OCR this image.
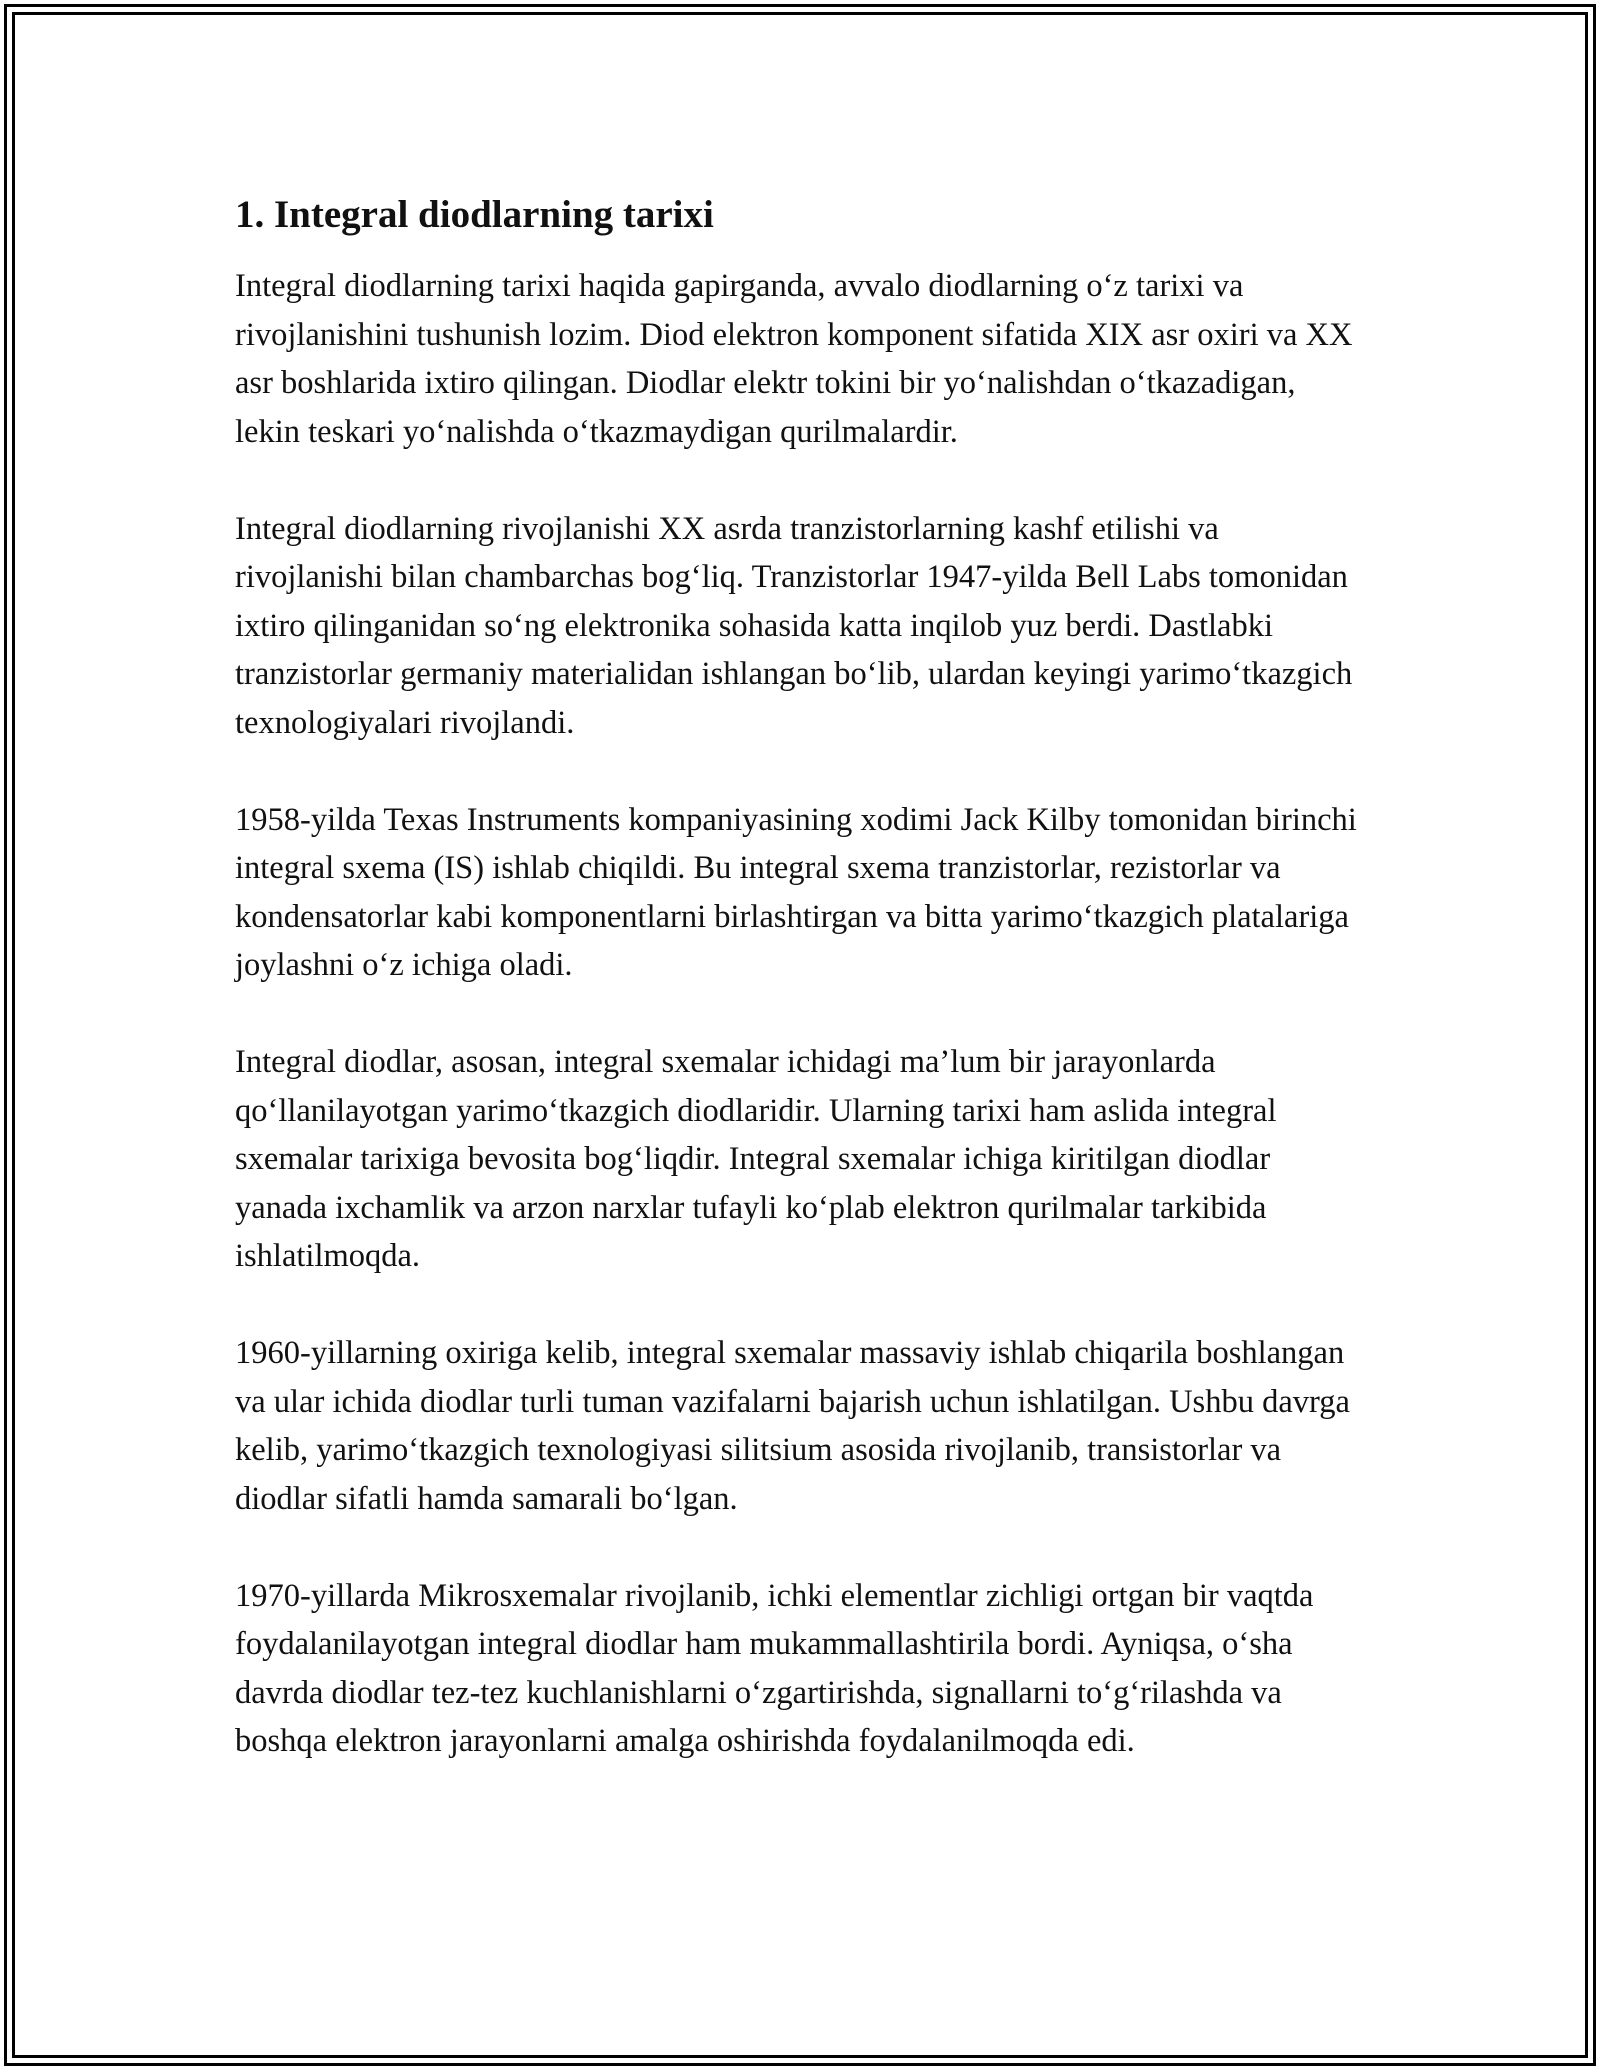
1. Integral diodlarning tarixi

Integral diodlarning tarixi haqida gapirganda, avvalo diodlarning o‘z tarixi va rivojlanishini tushunish lozim. Diod elektron komponent sifatida XIX asr oxiri va XX asr boshlarida ixtiro qilingan. Diodlar elektr tokini bir yo‘nalishdan o‘tkazadigan, lekin teskari yo‘nalishda o‘tkazmaydigan qurilmalardir.

Integral diodlarning rivojlanishi XX asrda tranzistorlarning kashf etilishi va rivojlanishi bilan chambarchas bog‘liq. Tranzistorlar 1947-yilda Bell Labs tomonidan ixtiro qilinganidan so‘ng elektronika sohasida katta inqilob yuz berdi. Dastlabki tranzistorlar germaniy materialidan ishlangan bo‘lib, ulardan keyingi yarimo‘tkazgich texnologiyalari rivojlandi.

1958-yilda Texas Instruments kompaniyasining xodimi Jack Kilby tomonidan birinchi integral sxema (IS) ishlab chiqildi. Bu integral sxema tranzistorlar, rezistorlar va kondensatorlar kabi komponentlarni birlashtirgan va bitta yarimo‘tkazgich platalariga joylashni o‘z ichiga oladi.

Integral diodlar, asosan, integral sxemalar ichidagi ma’lum bir jarayonlarda qo‘llanilayotgan yarimo‘tkazgich diodlaridir. Ularning tarixi ham aslida integral sxemalar tarixiga bevosita bog‘liqdir. Integral sxemalar ichiga kiritilgan diodlar yanada ixchamlik va arzon narxlar tufayli ko‘plab elektron qurilmalar tarkibida ishlatilmoqda.

1960-yillarning oxiriga kelib, integral sxemalar massaviy ishlab chiqarila boshlangan va ular ichida diodlar turli tuman vazifalarni bajarish uchun ishlatilgan. Ushbu davrga kelib, yarimo‘tkazgich texnologiyasi silitsium asosida rivojlanib, transistorlar va diodlar sifatli hamda samarali bo‘lgan.

1970-yillarda Mikrosxemalar rivojlanib, ichki elementlar zichligi ortgan bir vaqtda foydalanilayotgan integral diodlar ham mukammallashtirila bordi. Ayniqsa, o‘sha davrda diodlar tez-tez kuchlanishlarni o‘zgartirishda, signallarni to‘g‘rilashda va boshqa elektron jarayonlarni amalga oshirishda foydalanilmoqda edi.
